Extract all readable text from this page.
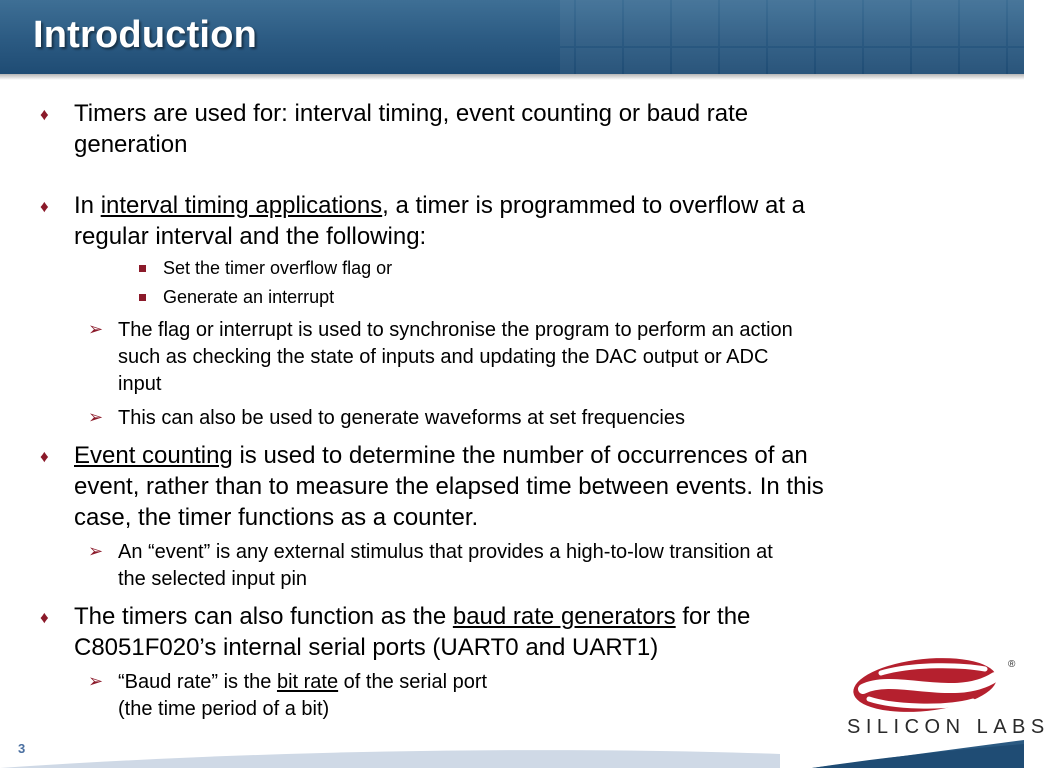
Introduction
♦ Timers are used for: interval timing, event counting or baud rate
generation
♦ In interval timing applications, a timer is programmed to overflow at a
regular interval and the following:
Set the timer overflow flag or
Generate an interrupt
➢ The flag or interrupt is used to synchronise the program to perform an action
such as checking the state of inputs and updating the DAC output or ADC
input
➢ This can also be used to generate waveforms at set frequencies
♦ Event counting is used to determine the number of occurrences of an
event, rather than to measure the elapsed time between events. In this
case, the timer functions as a counter.
➢ An “event” is any external stimulus that provides a high-to-low transition at
the selected input pin
♦ The timers can also function as the baud rate generators for the
C8051F020’s internal serial ports (UART0 and UART1)
➢ “Baud rate” is the bit rate of the serial port
(the time period of a bit)
3
®
SILICON LABS
